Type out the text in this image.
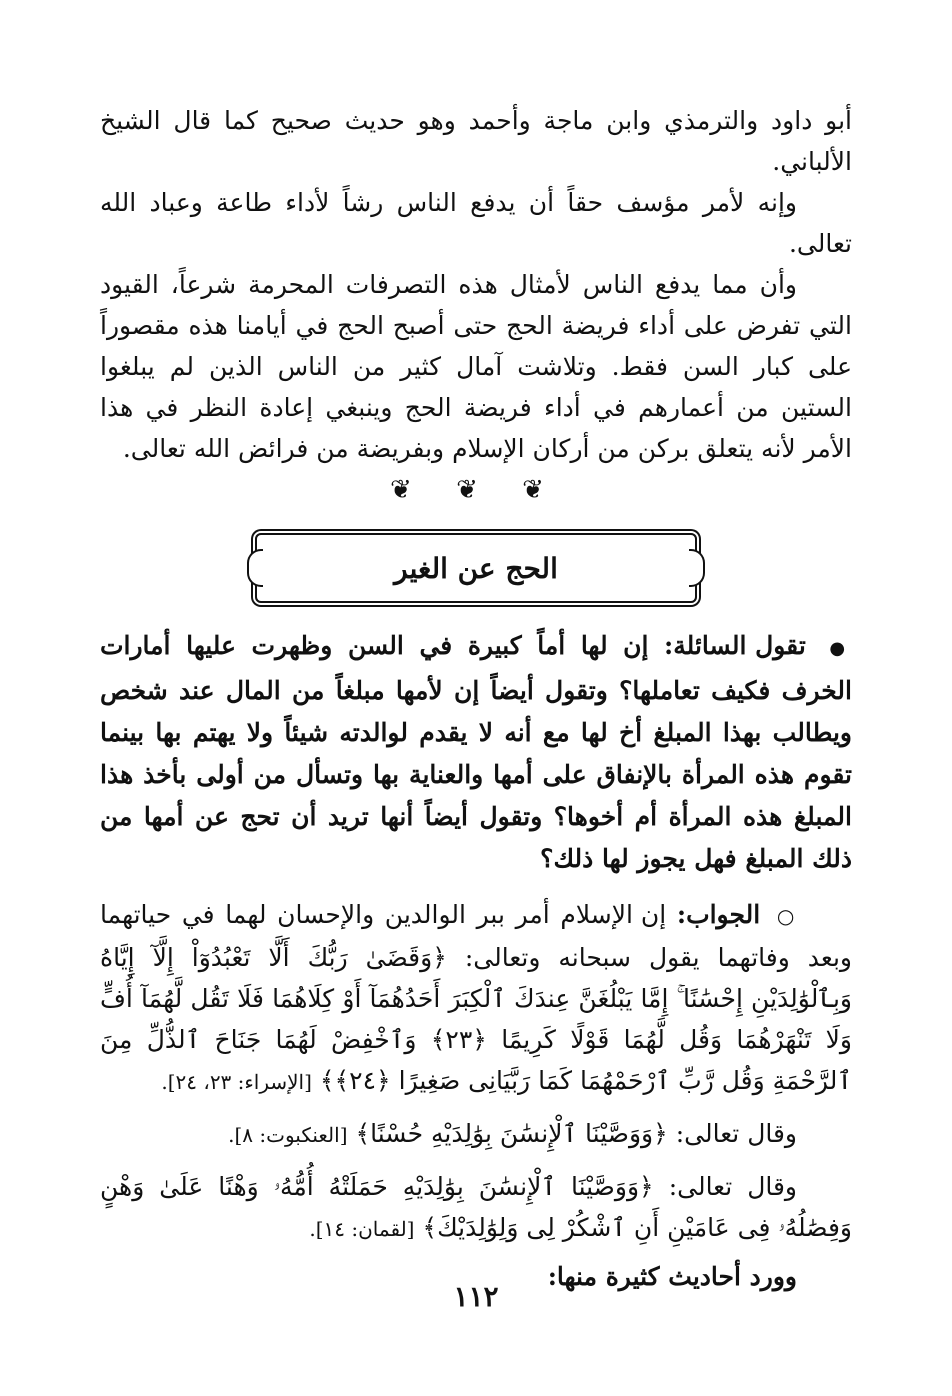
أبو داود والترمذي وابن ماجة وأحمد وهو حديث صحيح كما قال الشيخ الألباني.

وإنه لأمر مؤسف حقاً أن يدفع الناس رشاً لأداء طاعة وعباد الله تعالى.

وأن مما يدفع الناس لأمثال هذه التصرفات المحرمة شرعاً، القيود التي تفرض على أداء فريضة الحج حتى أصبح الحج في أيامنا هذه مقصوراً على كبار السن فقط. وتلاشت آمال كثير من الناس الذين لم يبلغوا الستين من أعمارهم في أداء فريضة الحج وينبغي إعادة النظر في هذا الأمر لأنه يتعلق بركن من أركان الإسلام وبفريضة من فرائض الله تعالى.

❦ ❦ ❦
الحج عن الغير

● تقول السائلة: إن لها أماً كبيرة في السن وظهرت عليها أمارات الخرف فكيف تعاملها؟ وتقول أيضاً إن لأمها مبلغاً من المال عند شخص ويطالب بهذا المبلغ أخ لها مع أنه لا يقدم لوالدته شيئاً ولا يهتم بها بينما تقوم هذه المرأة بالإنفاق على أمها والعناية بها وتسأل من أولى بأخذ هذا المبلغ هذه المرأة أم أخوها؟ وتقول أيضاً أنها تريد أن تحج عن أمها من ذلك المبلغ فهل يجوز لها ذلك؟

○ الجواب: إن الإسلام أمر ببر الوالدين والإحسان لهما في حياتهما وبعد وفاتهما يقول سبحانه وتعالى: ﴿وَقَضَىٰ رَبُّكَ أَلَّا تَعْبُدُوٓاْ إِلَّآ إِيَّاهُ وَبِٱلْوَٰلِدَيْنِ إِحْسَٰنًا ۚ إِمَّا يَبْلُغَنَّ عِندَكَ ٱلْكِبَرَ أَحَدُهُمَآ أَوْ كِلَاهُمَا فَلَا تَقُل لَّهُمَآ أُفٍّ وَلَا تَنْهَرْهُمَا وَقُل لَّهُمَا قَوْلًا كَرِيمًا ﴿٢٣﴾ وَٱخْفِضْ لَهُمَا جَنَاحَ ٱلذُّلِّ مِنَ ٱلرَّحْمَةِ وَقُل رَّبِّ ٱرْحَمْهُمَا كَمَا رَبَّيَانِى صَغِيرًا ﴿٢٤﴾﴾ [الإسراء: ٢٣، ٢٤].

وقال تعالى: ﴿وَوَصَّيْنَا ٱلْإِنسَٰنَ بِوَٰلِدَيْهِ حُسْنًا﴾ [العنكبوت: ٨].

وقال تعالى: ﴿وَوَصَّيْنَا ٱلْإِنسَٰنَ بِوَٰلِدَيْهِ حَمَلَتْهُ أُمُّهُۥ وَهْنًا عَلَىٰ وَهْنٍ وَفِصَٰلُهُۥ فِى عَامَيْنِ أَنِ ٱشْكُرْ لِى وَلِوَٰلِدَيْكَ﴾ [لقمان: ١٤].

وورد أحاديث كثيرة منها:

١١٢
